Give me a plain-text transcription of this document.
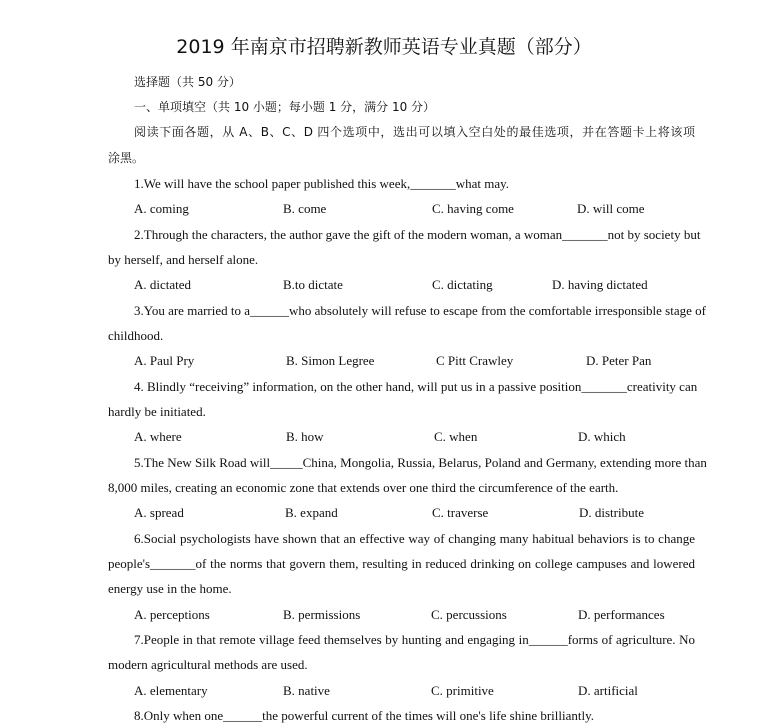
2019 年南京市招聘新教师英语专业真题（部分）
选择题（共 50 分）
一、单项填空（共 10 小题；每小题 1 分，满分 10 分）
阅读下面各题，从 A、B、C、D 四个选项中，选出可以填入空白处的最佳选项，并在答题卡上将该项
涂黑。
1.We will have the school paper published this week,_______what may.
A. coming	B. come	C. having come	D. will come
2.Through the characters, the author gave the gift of the modern woman, a woman_______not by society but
by herself, and herself alone.
A. dictated	B.to dictate	C. dictating	D. having dictated
3.You are married to a______who absolutely will refuse to escape from the comfortable irresponsible stage of
childhood.
A. Paul Pry	B. Simon Legree	C Pitt Crawley	D. Peter Pan
4. Blindly “receiving” information, on the other hand, will put us in a passive position_______creativity can
hardly be initiated.
A. where	B. how	C. when	D. which
5.The New Silk Road will_____China, Mongolia, Russia, Belarus, Poland and Germany, extending more than
8,000 miles, creating an economic zone that extends over one third the circumference of the earth.
A. spread	B. expand	C. traverse	D. distribute
6.Social psychologists have shown that an effective way of changing many habitual behaviors is to change
people's_______of the norms that govern them, resulting in reduced drinking on college campuses and lowered
energy use in the home.
A. perceptions	B. permissions	C. percussions	D. performances
7.People in that remote village feed themselves by hunting and engaging in______forms of agriculture. No
modern agricultural methods are used.
A. elementary	B. native	C. primitive	D. artificial
8.Only when one______the powerful current of the times will one's life shine brilliantly.
